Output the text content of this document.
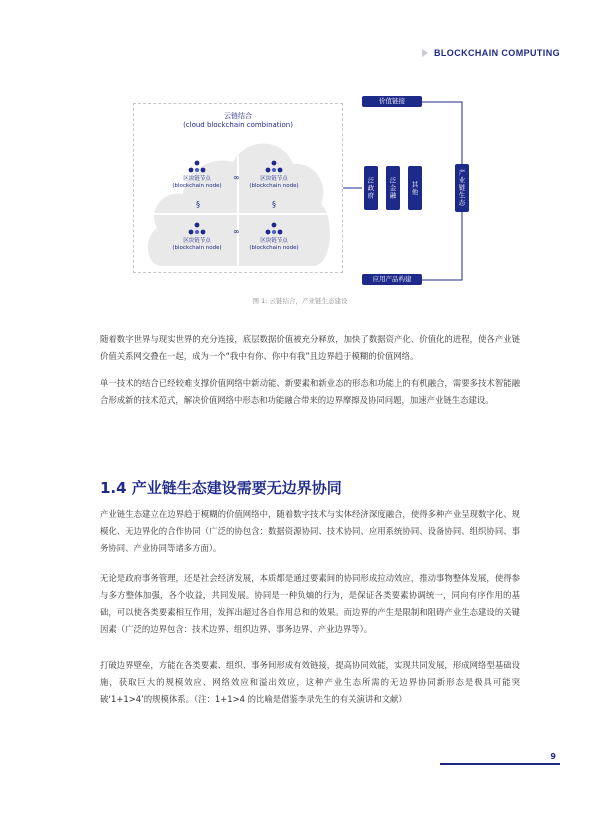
BLOCKCHAIN COMPUTING
云链结合
(cloud blockchain combination)
区块链节点
(blockchain node)
区块链节点
(blockchain node)
区块链节点
(blockchain node)
区块链节点
(blockchain node)
∞
∞
§	§
价值链接
应用产品构建
泛政府	泛金融	其他	产业链生态
图 1: 云链结合，产业链生态建设

随着数字世界与现实世界的充分连接，底层数据价值被充分释放，加快了数据资产化、价值化的进程，使各产业链价值关系网交叠在一起，成为一个“我中有你、你中有我”且边界趋于模糊的价值网络。

单一技术的结合已经较难支撑价值网络中新动能、新要素和新业态的形态和功能上的有机融合，需要多技术智能融合形成新的技术范式，解决价值网络中形态和功能融合带来的边界摩擦及协同问题，加速产业链生态建设。

1.4 产业链生态建设需要无边界协同

产业链生态建立在边界趋于模糊的价值网络中，随着数字技术与实体经济深度融合，使得多种产业呈现数字化、规模化、无边界化的合作协同（广泛的协包含：数据资源协同、技术协同、应用系统协同、设备协同、组织协同、事务协同、产业协同等诸多方面）。

无论是政府事务管理，还是社会经济发展，本质都是通过要素间的协同形成拉动效应，推动事物整体发展，使得参与多方整体加强，各个收益，共同发展。协同是一种负熵的行为，是保证各类要素协调统一，同向有序作用的基础，可以使各类要素相互作用，发挥出超过各自作用总和的效果。而边界的产生是限制和阻碍产业生态建设的关键因素（广泛的边界包含：技术边界、组织边界、事务边界、产业边界等）。

打破边界壁垒，方能在各类要素、组织、事务间形成有效链接，提高协同效能，实现共同发展，形成网络型基础设施，获取巨大的规模效应、网络效应和溢出效应，这种产业生态所需的无边界协同新形态是极具可能突破‘1+1>4’的规模体系。（注：1+1>4 的比喻是借鉴李录先生的有关演讲和文献）

9
